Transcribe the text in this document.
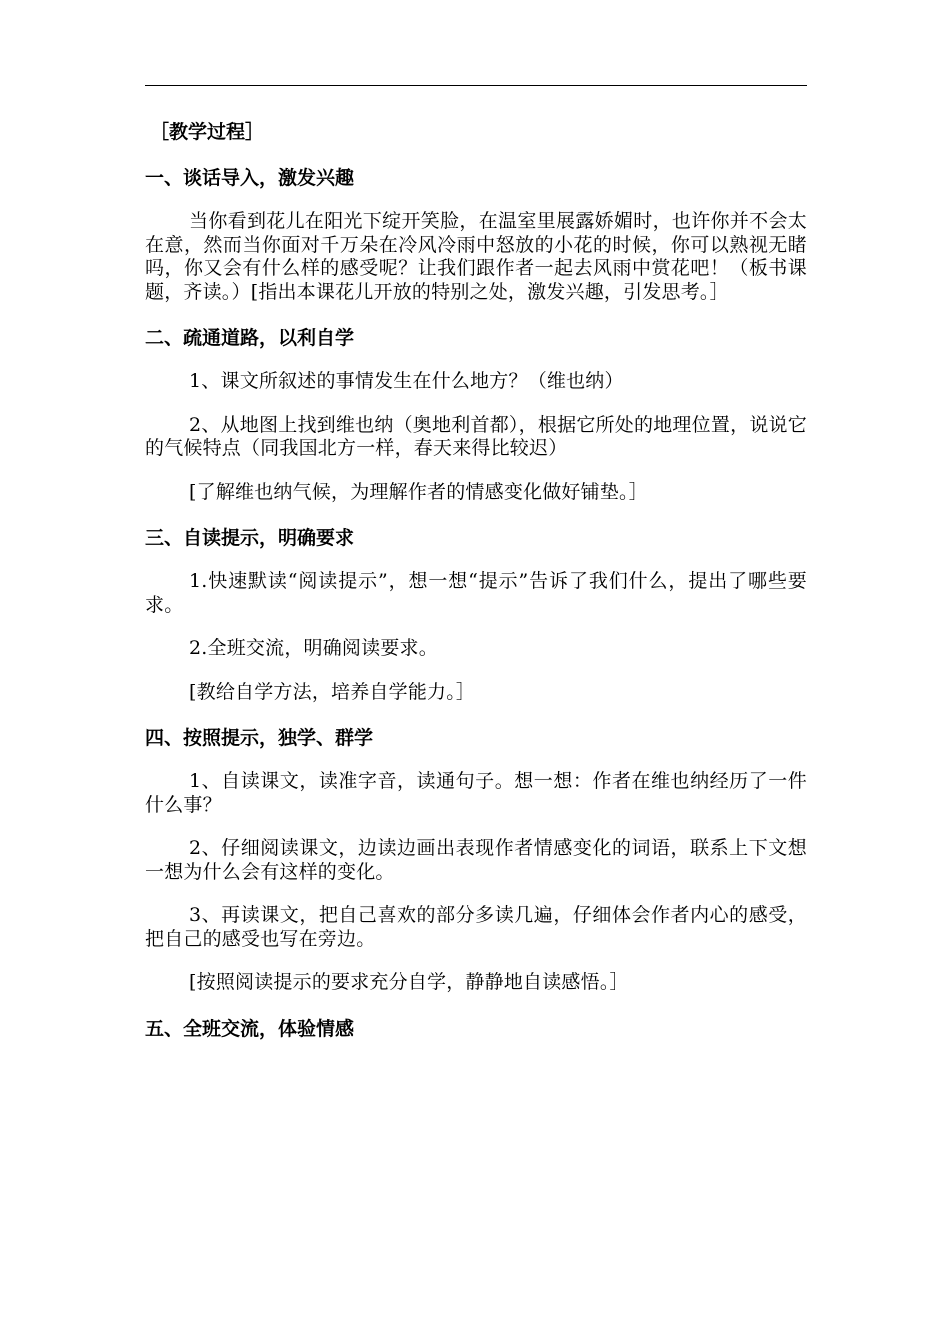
［教学过程］
一、谈话导入，激发兴趣

当你看到花儿在阳光下绽开笑脸，在温室里展露娇媚时，也许你并不会太在意，然而当你面对千万朵在冷风冷雨中怒放的小花的时候，你可以熟视无睹吗，你又会有什么样的感受呢？让我们跟作者一起去风雨中赏花吧！（板书课题，齐读。）[指出本课花儿开放的特别之处，激发兴趣，引发思考。］

二、疏通道路，以利自学

1、课文所叙述的事情发生在什么地方？（维也纳）

2、从地图上找到维也纳（奥地利首都），根据它所处的地理位置，说说它的气候特点（同我国北方一样，春天来得比较迟）

[了解维也纳气候，为理解作者的情感变化做好铺垫。］

三、自读提示，明确要求

1.快速默读“阅读提示”，想一想“提示”告诉了我们什么，提出了哪些要求。

2.全班交流，明确阅读要求。

[教给自学方法，培养自学能力。］

四、按照提示，独学、群学

1、自读课文，读准字音，读通句子。想一想：作者在维也纳经历了一件什么事？

2、仔细阅读课文，边读边画出表现作者情感变化的词语，联系上下文想一想为什么会有这样的变化。

3、再读课文，把自己喜欢的部分多读几遍，仔细体会作者内心的感受，把自己的感受也写在旁边。

[按照阅读提示的要求充分自学，静静地自读感悟。］

五、全班交流，体验情感
